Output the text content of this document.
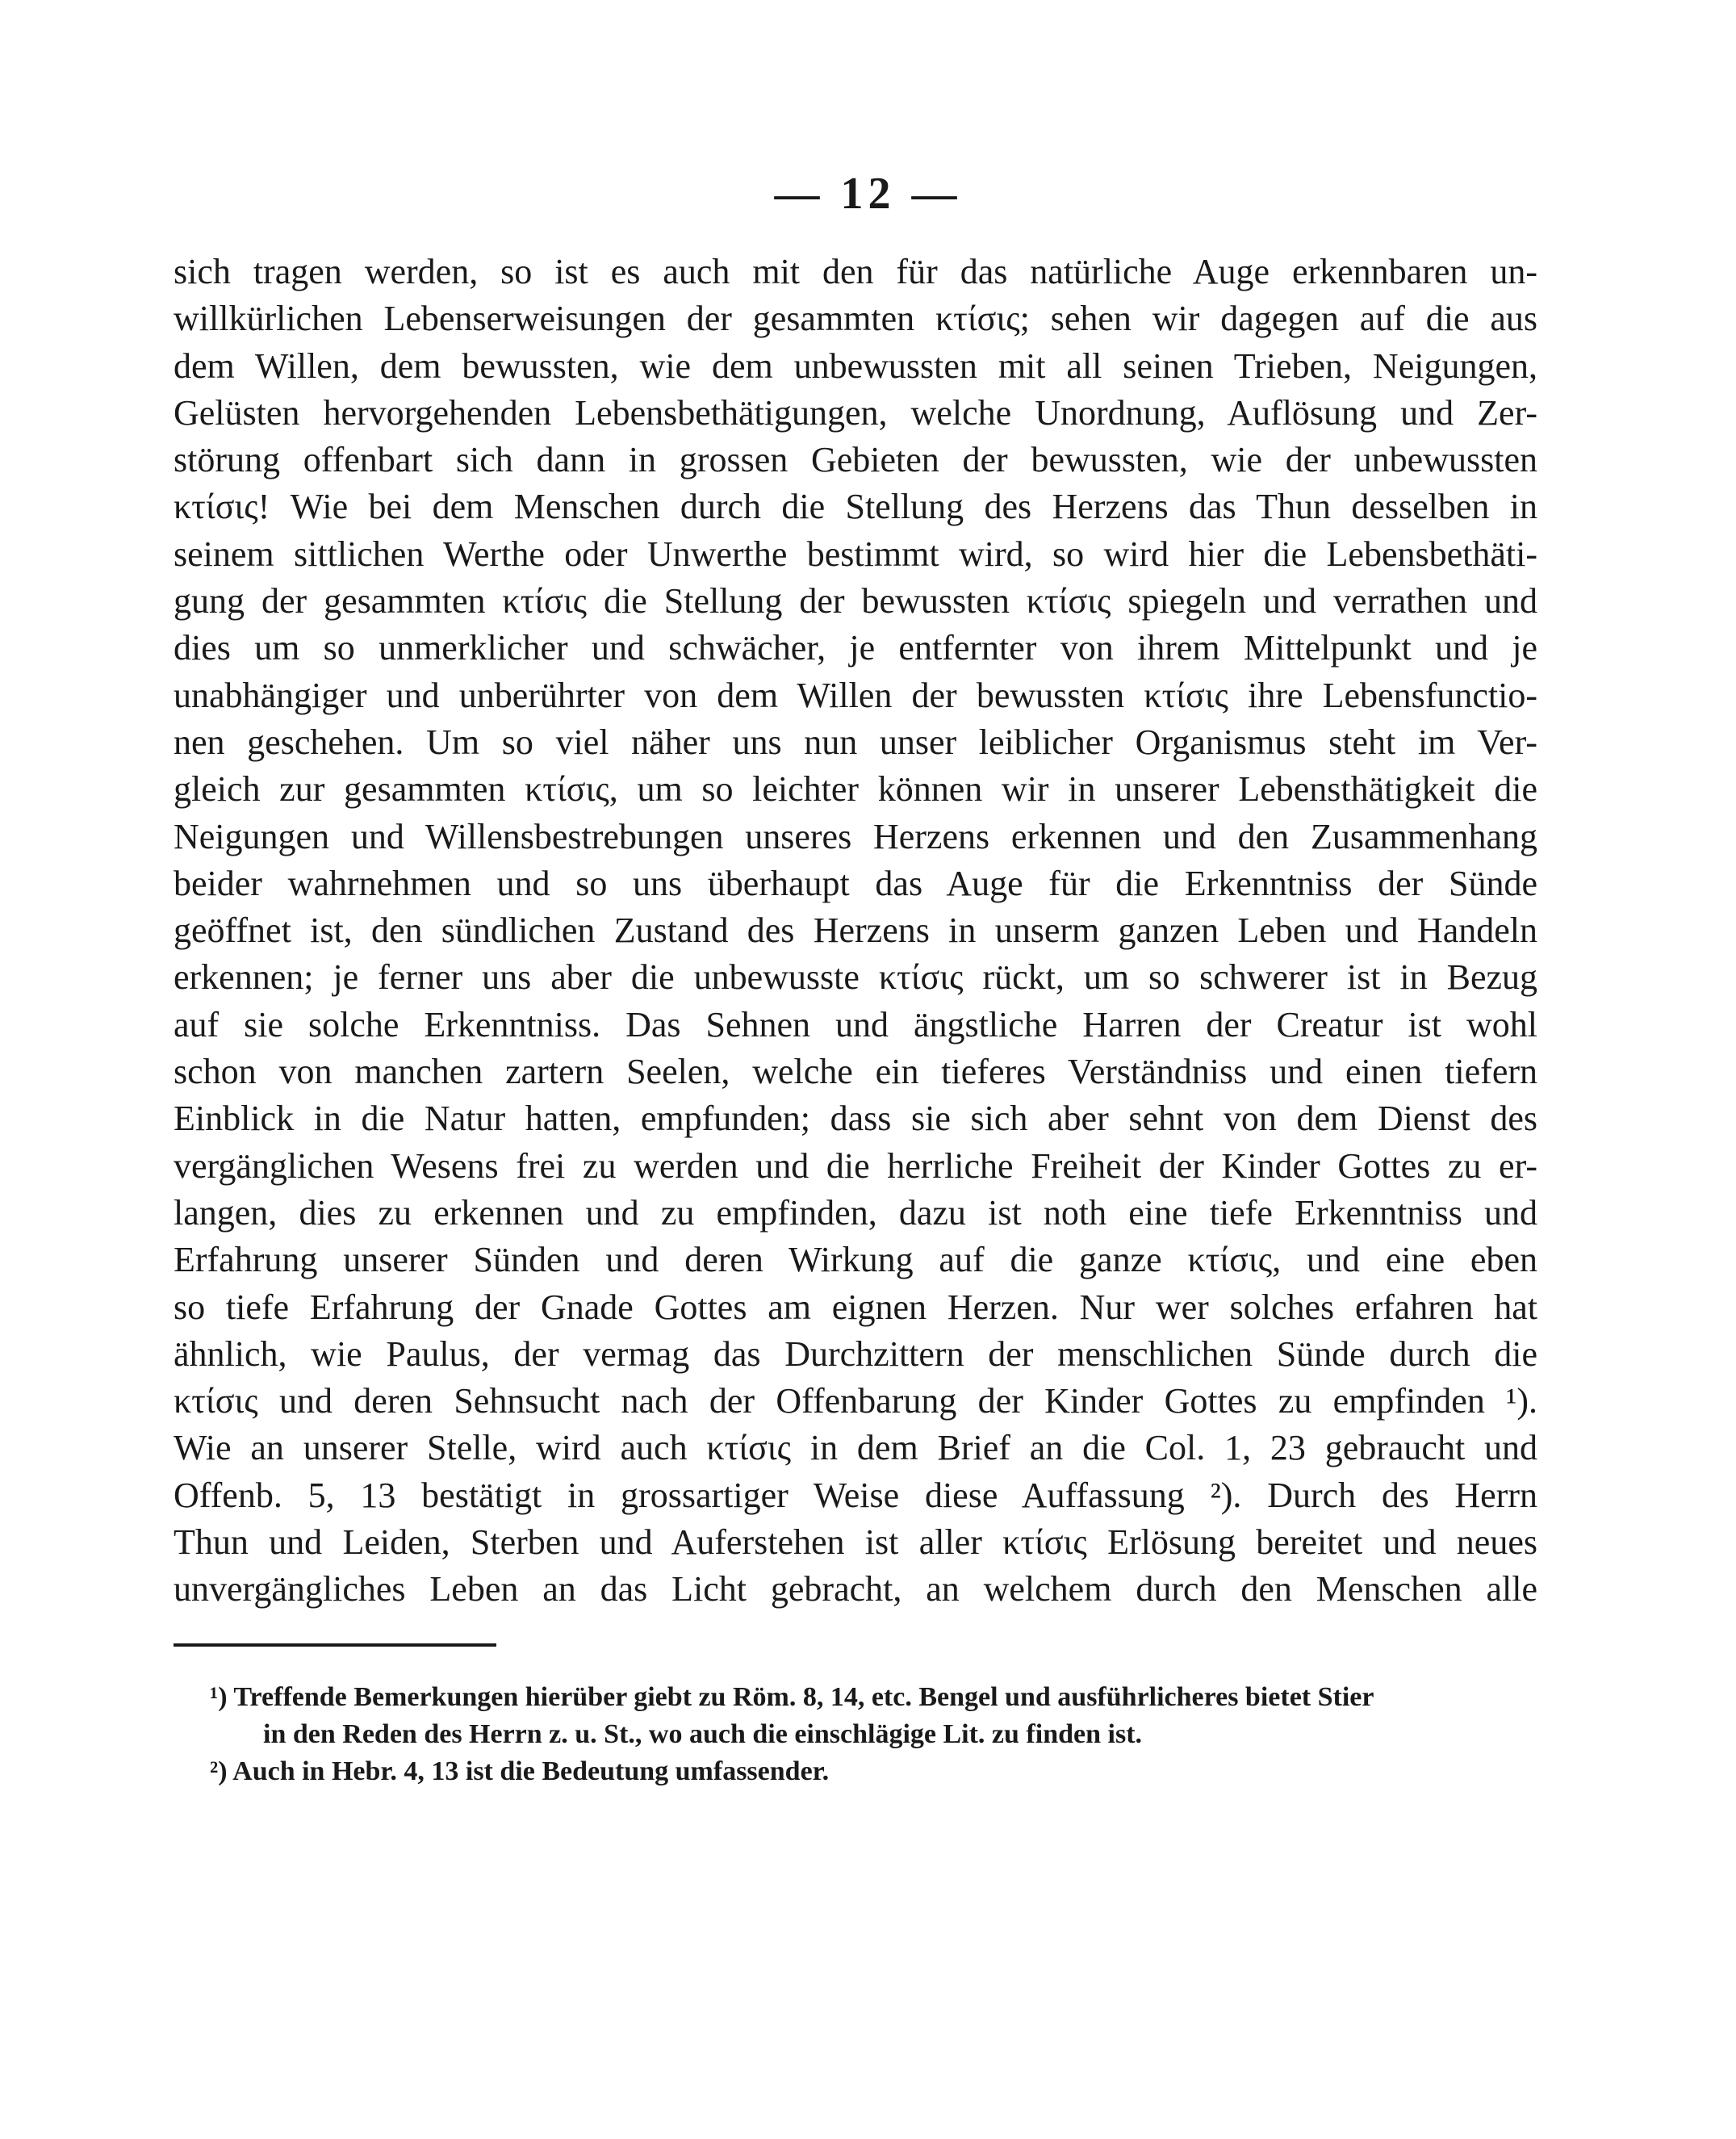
— 12 —
sich tragen werden, so ist es auch mit den für das natürliche Auge erkennbaren un-
willkürlichen Lebenserweisungen der gesammten κτίσις; sehen wir dagegen auf die aus
dem Willen, dem bewussten, wie dem unbewussten mit all seinen Trieben, Neigungen,
Gelüsten hervorgehenden Lebensbethätigungen, welche Unordnung, Auflösung und Zer-
störung offenbart sich dann in grossen Gebieten der bewussten, wie der unbewussten
κτίσις! Wie bei dem Menschen durch die Stellung des Herzens das Thun desselben in
seinem sittlichen Werthe oder Unwerthe bestimmt wird, so wird hier die Lebensbethäti-
gung der gesammten κτίσις die Stellung der bewussten κτίσις spiegeln und verrathen und
dies um so unmerklicher und schwächer, je entfernter von ihrem Mittelpunkt und je
unabhängiger und unberührter von dem Willen der bewussten κτίσις ihre Lebensfunctio-
nen geschehen. Um so viel näher uns nun unser leiblicher Organismus steht im Ver-
gleich zur gesammten κτίσις, um so leichter können wir in unserer Lebensthätigkeit die
Neigungen und Willensbestrebungen unseres Herzens erkennen und den Zusammenhang
beider wahrnehmen und so uns überhaupt das Auge für die Erkenntniss der Sünde
geöffnet ist, den sündlichen Zustand des Herzens in unserm ganzen Leben und Handeln
erkennen; je ferner uns aber die unbewusste κτίσις rückt, um so schwerer ist in Bezug
auf sie solche Erkenntniss. Das Sehnen und ängstliche Harren der Creatur ist wohl
schon von manchen zartern Seelen, welche ein tieferes Verständniss und einen tiefern
Einblick in die Natur hatten, empfunden; dass sie sich aber sehnt von dem Dienst des
vergänglichen Wesens frei zu werden und die herrliche Freiheit der Kinder Gottes zu er-
langen, dies zu erkennen und zu empfinden, dazu ist noth eine tiefe Erkenntniss und
Erfahrung unserer Sünden und deren Wirkung auf die ganze κτίσις, und eine eben
so tiefe Erfahrung der Gnade Gottes am eignen Herzen. Nur wer solches erfahren hat
ähnlich, wie Paulus, der vermag das Durchzittern der menschlichen Sünde durch die
κτίσις und deren Sehnsucht nach der Offenbarung der Kinder Gottes zu empfinden ¹).
Wie an unserer Stelle, wird auch κτίσις in dem Brief an die Col. 1, 23 gebraucht und
Offenb. 5, 13 bestätigt in grossartiger Weise diese Auffassung ²). Durch des Herrn
Thun und Leiden, Sterben und Auferstehen ist aller κτίσις Erlösung bereitet und neues
unvergängliches Leben an das Licht gebracht, an welchem durch den Menschen alle
¹) Treffende Bemerkungen hierüber giebt zu Röm. 8, 14, etc. Bengel und ausführlicheres bietet Stier
in den Reden des Herrn z. u. St., wo auch die einschlägige Lit. zu finden ist.
²) Auch in Hebr. 4, 13 ist die Bedeutung umfassender.
